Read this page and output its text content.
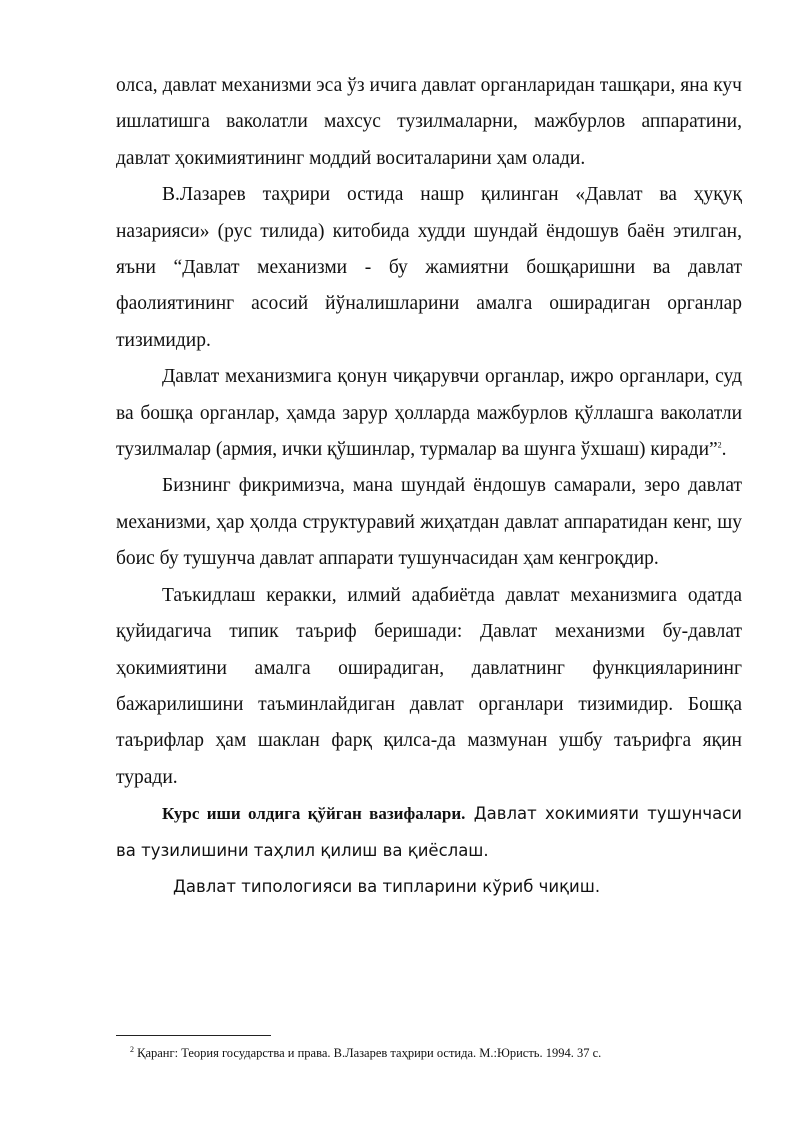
олса, давлат механизми эса ўз ичига давлат органларидан ташқари, яна куч ишлатишга ваколатли махсус тузилмаларни, мажбурлов аппаратини, давлат ҳокимиятининг моддий воситаларини ҳам олади.

В.Лазарев таҳрири остида нашр қилинган «Давлат ва ҳуқуқ назарияси» (рус тилида) китобида худди шундай ёндошув баён этилган, яъни “Давлат механизми - бу жамиятни бошқаришни ва давлат фаолиятининг асосий йўналишларини амалга оширадиган органлар тизимидир.

Давлат механизмига қонун чиқарувчи органлар, ижро органлари, суд ва бошқа органлар, ҳамда зарур ҳолларда мажбурлов қўллашга ваколатли тузилмалар (армия, ички қўшинлар, турмалар ва шунга ўхшаш) киради”$^2$.

Бизнинг фикримизча, мана шундай ёндошув самарали, зеро давлат механизми, ҳар ҳолда структуравий жиҳатдан давлат аппаратидан кенг, шу боис бу тушунча давлат аппарати тушунчасидан ҳам кенгроқдир.

Таъкидлаш керакки, илмий адабиётда давлат механизмига одатда қуйидагича типик таъриф беришади: Давлат механизми бу-давлат ҳокимиятини амалга оширадиган, давлатнинг функцияларининг бажарилишини таъминлайдиган давлат органлари тизимидир. Бошқа таърифлар ҳам шаклан фарқ қилса-да мазмунан ушбу таърифга яқин туради.

Курс иши олдига қўйган вазифалари. Давлат хокимияти тушунчаси ва тузилишини таҳлил қилиш ва қиёслаш.

Давлат типологияси ва типларини кўриб чиқиш.

$^2$ Қаранг: Теория государства и права. В.Лазарев таҳрири остида. М.:Юристь. 1994. 37 с.
